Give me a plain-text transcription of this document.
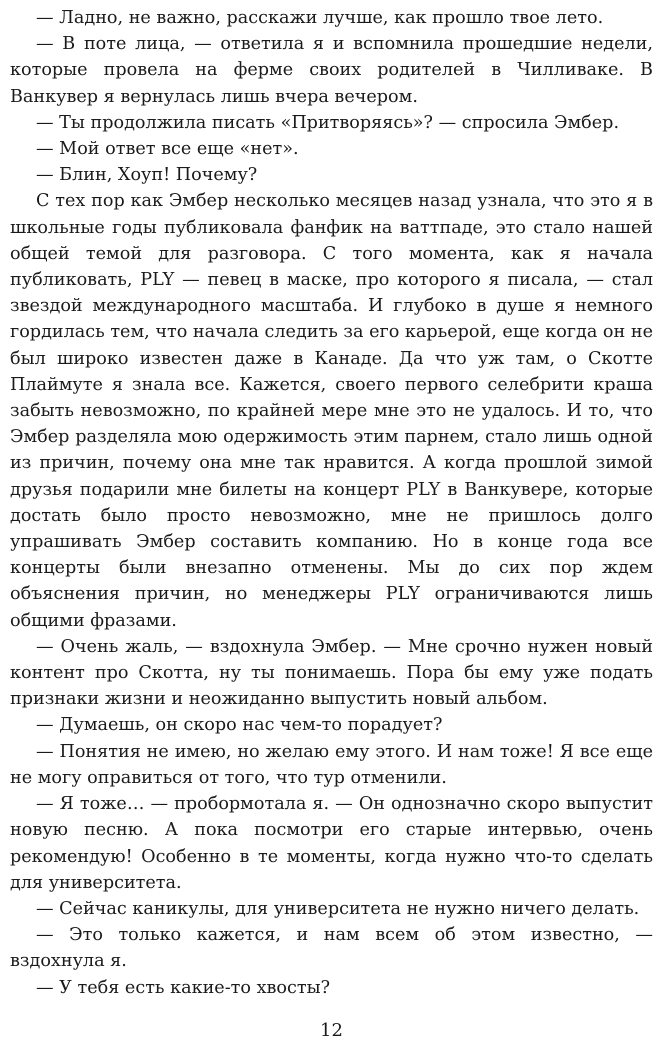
— Ладно, не важно, расскажи лучше, как прошло твое лето.

— В поте лица, — ответила я и вспомнила прошедшие недели, которые провела на ферме своих родителей в Чилливаке. В Ванкувер я вернулась лишь вчера вечером.

— Ты продолжила писать «Притворяясь»? — спросила Эмбер.

— Мой ответ все еще «нет».

— Блин, Хоуп! Почему?

С тех пор как Эмбер несколько месяцев назад узнала, что это я в школьные годы публиковала фанфик на ваттпаде, это стало нашей общей темой для разговора. С того момента, как я начала публиковать, PLY — певец в маске, про которого я писала, — стал звездой международного масштаба. И глубоко в душе я немного гордилась тем, что начала следить за его карьерой, еще когда он не был широко известен даже в Канаде. Да что уж там, о Скотте Плаймуте я знала все. Кажется, своего первого селебрити краша забыть невозможно, по крайней мере мне это не удалось. И то, что Эмбер разделяла мою одержимость этим парнем, стало лишь одной из причин, почему она мне так нравится. А когда прошлой зимой друзья подарили мне билеты на концерт PLY в Ванкувере, которые достать было просто невозможно, мне не пришлось долго упрашивать Эмбер составить компанию. Но в конце года все концерты были внезапно отменены. Мы до сих пор ждем объяснения причин, но менеджеры PLY ограничиваются лишь общими фразами.

— Очень жаль, — вздохнула Эмбер. — Мне срочно нужен новый контент про Скотта, ну ты понимаешь. Пора бы ему уже подать признаки жизни и неожиданно выпустить новый альбом.

— Думаешь, он скоро нас чем-то порадует?

— Понятия не имею, но желаю ему этого. И нам тоже! Я все еще не могу оправиться от того, что тур отменили.

— Я тоже… — пробормотала я. — Он однозначно скоро выпустит новую песню. А пока посмотри его старые интервью, очень рекомендую! Особенно в те моменты, когда нужно что-то сделать для университета.

— Сейчас каникулы, для университета не нужно ничего делать.

— Это только кажется, и нам всем об этом известно, — вздохнула я.

— У тебя есть какие-то хвосты?

12
